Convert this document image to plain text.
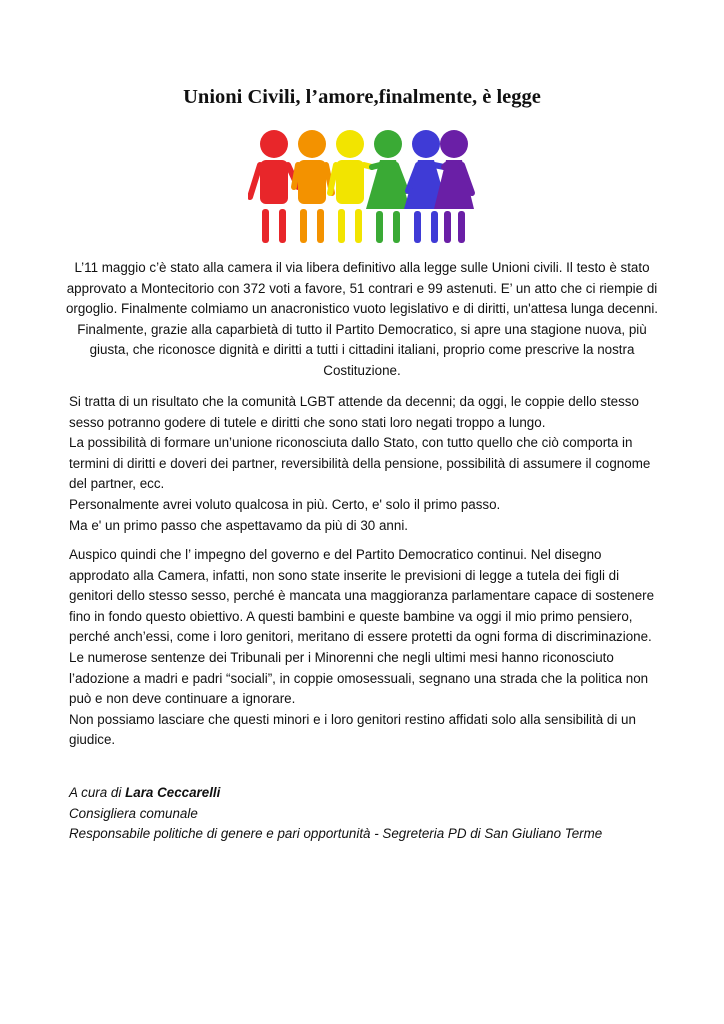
Unioni Civili, l’amore,finalmente, è legge

L’11 maggio c’è stato alla camera il via libera definitivo alla legge sulle Unioni civili. Il testo è stato approvato a Montecitorio con 372 voti a favore, 51 contrari e 99 astenuti. E’ un atto che ci riempie di orgoglio. Finalmente colmiamo un anacronistico vuoto legislativo e di diritti, un'attesa lunga decenni. Finalmente, grazie alla caparbietà di tutto il Partito Democratico, si apre una stagione nuova, più giusta, che riconosce dignità e diritti a tutti i cittadini italiani, proprio come prescrive la nostra Costituzione.

Si tratta di un risultato che la comunità LGBT attende da decenni; da oggi, le coppie dello stesso sesso potranno godere di tutele e diritti che sono stati loro negati troppo a lungo.

La possibilità di formare un’unione riconosciuta dallo Stato, con tutto quello che ciò comporta in termini di diritti e doveri dei partner, reversibilità della pensione, possibilità di assumere il cognome del partner, ecc.

Personalmente avrei voluto qualcosa in più. Certo, e' solo il primo passo.

Ma e' un primo passo che aspettavamo da più di 30 anni.

Auspico quindi che l’ impegno del governo e del Partito Democratico continui. Nel disegno approdato alla Camera, infatti, non sono state inserite le previsioni di legge a tutela dei figli di genitori dello stesso sesso, perché è mancata una maggioranza parlamentare capace di sostenere fino in fondo questo obiettivo. A questi bambini e queste bambine va oggi il mio primo pensiero, perché anch’essi, come i loro genitori, meritano di essere protetti da ogni forma di discriminazione.

Le numerose sentenze dei Tribunali per i Minorenni che negli ultimi mesi hanno riconosciuto l’adozione a madri e padri “sociali”, in coppie omosessuali, segnano una strada che la politica non può e non deve continuare a ignorare.

Non possiamo lasciare che questi minori e i loro genitori restino affidati solo alla sensibilità di un giudice.

A cura di Lara Ceccarelli

Consigliera comunale

Responsabile politiche di genere e pari opportunità - Segreteria PD di San Giuliano Terme
